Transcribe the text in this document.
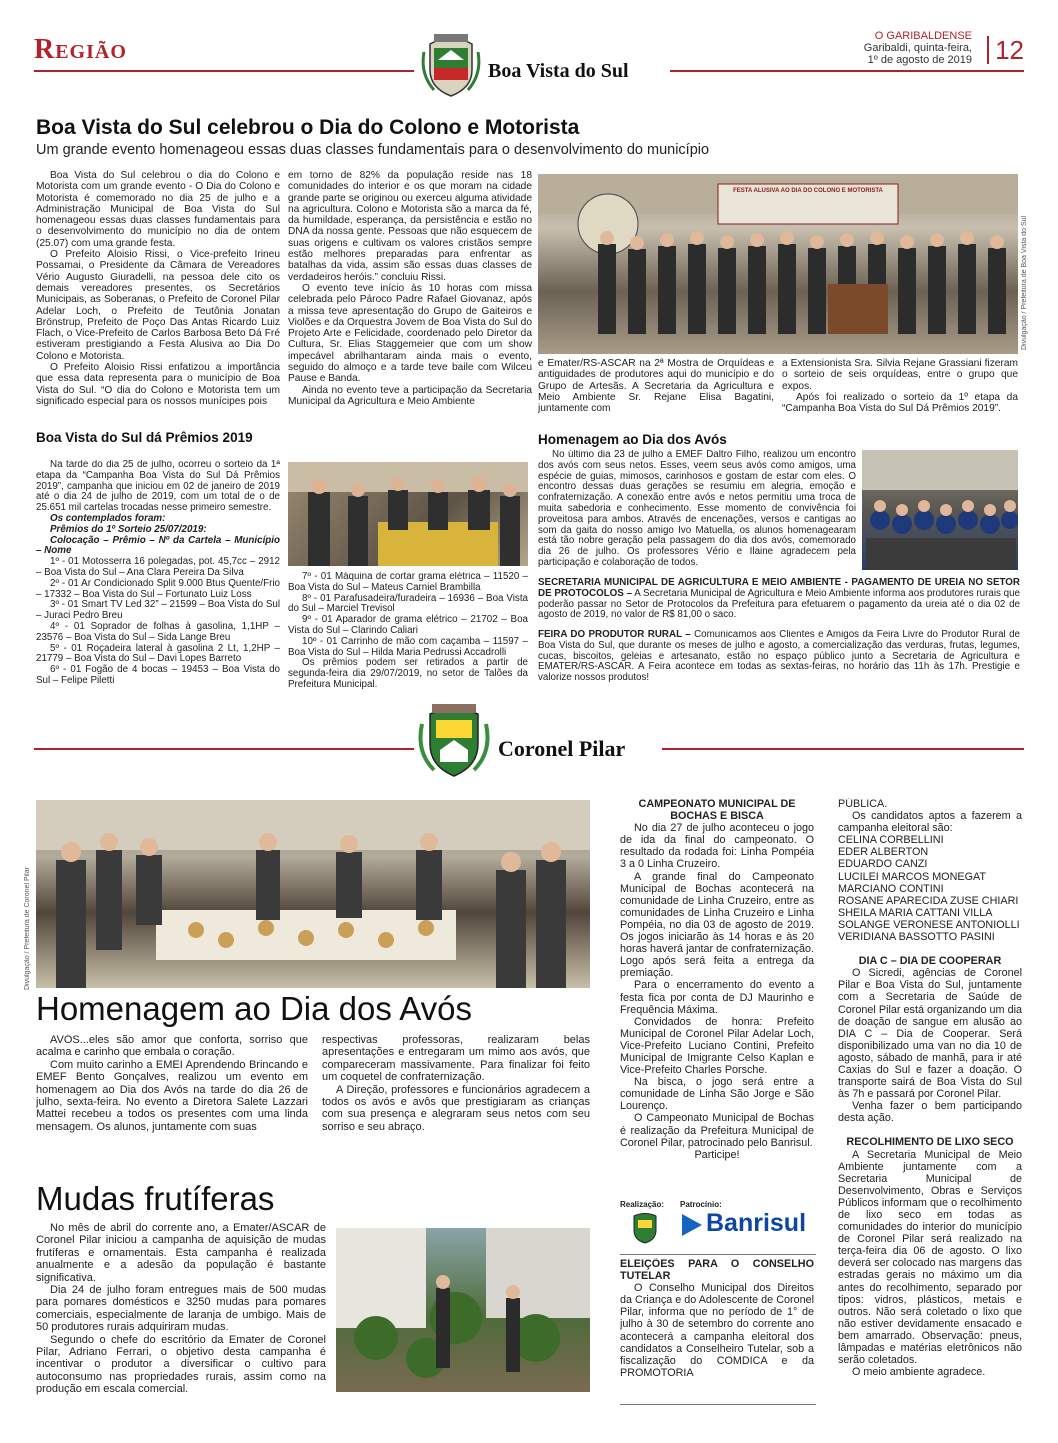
Região
Boa Vista do Sul
O GARIBALDENSE
Garibaldi, quinta-feira,
1º de agosto de 2019 12
Boa Vista do Sul celebrou o Dia do Colono e Motorista
Um grande evento homenageou essas duas classes fundamentais para o desenvolvimento do município

Boa Vista do Sul celebrou o dia do Colono e Motorista com um grande evento - O Dia do Colono e Motorista é comemorado no dia 25 de julho e a Administração Municipal de Boa Vista do Sul homenageou essas duas classes fundamentais para o desenvolvimento do município no dia de ontem (25.07) com uma grande festa.

O Prefeito Aloisio Rissi, o Vice-prefeito Irineu Possamai, o Presidente da Câmara de Vereadores Vério Augusto Giuradelli, na pessoa dele cito os demais vereadores presentes, os Secretários Municipais, as Soberanas, o Prefeito de Coronel Pilar Adelar Loch, o Prefeito de Teutônia Jonatan Brönstrup, Prefeito de Poço Das Antas Ricardo Luiz Flach, o Vice-Prefeito de Carlos Barbosa Beto Dá Fré estiveram prestigiando a Festa Alusiva ao Dia Do Colono e Motorista.

O Prefeito Aloisio Rissi enfatizou a importância que essa data representa para o município de Boa Vista do Sul. “O dia do Colono e Motorista tem um significado especial para os nossos munícipes pois

em torno de 82% da população reside nas 18 comunidades do interior e os que moram na cidade grande parte se originou ou exerceu alguma atividade na agricultura. Colono e Motorista são a marca da fé, da humildade, esperança, da persistência e estão no DNA da nossa gente. Pessoas que não esquecem de suas origens e cultivam os valores cristãos sempre estão melhores preparadas para enfrentar as batalhas da vida, assim são essas duas classes de verdadeiros heróis.” concluiu Rissi.

O evento teve início às 10 horas com missa celebrada pelo Pároco Padre Rafael Giovanaz, após a missa teve apresentação do Grupo de Gaiteiros e Violões e da Orquestra Jovem de Boa Vista do Sul do Projeto Arte e Felicidade, coordenado pelo Diretor da Cultura, Sr. Elias Staggemeier que com um show impecável abrilhantaram ainda mais o evento, seguido do almoço e a tarde teve baile com Wilceu Pause e Banda.

Ainda no evento teve a participação da Secretaria Municipal da Agricultura e Meio Ambiente

FESTA ALUSIVA AO DIA DO COLONO E MOTORISTA
Divulgação / Prefeitura de Boa Vista do Sul

e Emater/RS-ASCAR na 2ª Mostra de Orquídeas e antiguidades de produtores aqui do município e do Grupo de Artesãs. A Secretaria da Agricultura e Meio Ambiente Sr. Rejane Elisa Bagatini, juntamente com

a Extensionista Sra. Silvia Rejane Grassiani fizeram o sorteio de seis orquídeas, entre o grupo que expos.

Após foi realizado o sorteio da 1º etapa da “Campanha Boa Vista do Sul Dá Prêmios 2019”.

Boa Vista do Sul dá Prêmios 2019

Na tarde do dia 25 de julho, ocorreu o sorteio da 1ª etapa da “Campanha Boa Vista do Sul Dá Prêmios 2019”, campanha que iniciou em 02 de janeiro de 2019 até o dia 24 de julho de 2019, com um total de o de 25.651 mil cartelas trocadas nesse primeiro semestre.

Os contemplados foram:

Prêmios do 1º Sorteio 25/07/2019:

Colocação – Prêmio – Nº da Cartela – Município – Nome

1º - 01 Motosserra 16 polegadas, pot. 45,7cc – 2912 – Boa Vista do Sul – Ana Clara Pereira Da Silva

2º - 01 Ar Condicionado Split 9.000 Btus Quente/Frio – 17332 – Boa Vista do Sul – Fortunato Luiz Loss

3º - 01 Smart TV Led 32” – 21599 – Boa Vista do Sul – Juraci Pedro Breu

4º - 01 Soprador de folhas à gasolina, 1,1HP – 23576 – Boa Vista do Sul – Sida Lange Breu

5º - 01 Roçadeira lateral à gasolina 2 Lt, 1,2HP – 21779 – Boa Vista do Sul – Davi Lopes Barreto

6º - 01 Fogão de 4 bocas – 19453 – Boa Vista do Sul – Felipe Piletti

7º - 01 Máquina de cortar grama elétrica – 11520 – Boa Vista do Sul – Mateus Carniel Brambilla

8º - 01 Parafusadeira/furadeira – 16936 – Boa Vista do Sul – Marciel Trevisol

9º - 01 Aparador de grama elétrico – 21702 – Boa Vista do Sul – Clarindo Caliari

10º - 01 Carrinho de mão com caçamba – 11597 – Boa Vista do Sul – Hilda Maria Pedrussi Accadrolli

Os prêmios podem ser retirados a partir de segunda-feira dia 29/07/2019, no setor de Talões da Prefeitura Municipal.

Homenagem ao Dia dos Avós

No último dia 23 de julho a EMEF Daltro Filho, realizou um encontro dos avós com seus netos. Esses, veem seus avós como amigos, uma espécie de guias, mimosos, carinhosos e gostam de estar com eles. O encontro dessas duas gerações se resumiu em alegria, emoção e confraternização. A conexão entre avós e netos permitiu uma troca de muita sabedoria e conhecimento. Esse momento de convivência foi proveitosa para ambos. Através de encenações, versos e cantigas ao som da gaita do nosso amigo Ivo Matuella, os alunos homenagearam está tão nobre geração pela passagem do dia dos avós, comemorado dia 26 de julho. Os professores Vério e Ilaine agradecem pela participação e colaboração de todos.

SECRETARIA MUNICIPAL DE AGRICULTURA E MEIO AMBIENTE - PAGAMENTO DE UREIA NO SETOR DE PROTOCOLOS – A Secretaria Municipal de Agricultura e Meio Ambiente informa aos produtores rurais que poderão passar no Setor de Protocolos da Prefeitura para efetuarem o pagamento da ureia até o dia 02 de agosto de 2019, no valor de R$ 81,00 o saco.

FEIRA DO PRODUTOR RURAL – Comunicamos aos Clientes e Amigos da Feira Livre do Produtor Rural de Boa Vista do Sul, que durante os meses de julho e agosto, a comercialização das verduras, frutas, legumes, cucas, biscoitos, geleias e artesanato, estão no espaço público junto a Secretaria de Agricultura e EMATER/RS-ASCAR. A Feira acontece em todas as sextas-feiras, no horário das 11h às 17h. Prestigie e valorize nossos produtos!

Coronel Pilar
Divulgação / Prefeitura de Coronel Pilar
Homenagem ao Dia dos Avós

AVÓS...eles são amor que conforta, sorriso que acalma e carinho que embala o coração.

Com muito carinho a EMEI Aprendendo Brincando e EMEF Bento Gonçalves, realizou um evento em homenagem ao Dia dos Avós na tarde do dia 26 de julho, sexta-feira. No evento a Diretora Salete Lazzari Mattei recebeu a todos os presentes com uma linda mensagem. Os alunos, juntamente com suas

respectivas professoras, realizaram belas apresentações e entregaram um mimo aos avós, que compareceram massivamente. Para finalizar foi feito um coquetel de confraternização.

A Direção, professores e funcionários agradecem a todos os avós e avôs que prestigiaram as crianças com sua presença e alegraram seus netos com seu sorriso e seu abraço.

Mudas frutíferas

No mês de abril do corrente ano, a Emater/ASCAR de Coronel Pilar iniciou a campanha de aquisição de mudas frutíferas e ornamentais. Esta campanha é realizada anualmente e a adesão da população é bastante significativa.

Dia 24 de julho foram entregues mais de 500 mudas para pomares domésticos e 3250 mudas para pomares comerciais, especialmente de laranja de umbigo. Mais de 50 produtores rurais adquiriram mudas.

Segundo o chefe do escritório da Emater de Coronel Pilar, Adriano Ferrari, o objetivo desta campanha é incentivar o produtor a diversificar o cultivo para autoconsumo nas propriedades rurais, assim como na produção em escala comercial.

CAMPEONATO MUNICIPAL DE BOCHAS E BISCA

No dia 27 de julho aconteceu o jogo de ida da final do campeonato. O resultado da rodada foi: Linha Pompéia 3 a 0 Linha Cruzeiro.

A grande final do Campeonato Municipal de Bochas acontecerá na comunidade de Linha Cruzeiro, entre as comunidades de Linha Cruzeiro e Linha Pompéia, no dia 03 de agosto de 2019. Os jogos iniciarão às 14 horas e às 20 horas haverá jantar de confraternização. Logo após será feita a entrega da premiação.

Para o encerramento do evento a festa fica por conta de DJ Maurinho e Frequência Máxima.

Convidados de honra: Prefeito Municipal de Coronel Pilar Adelar Loch, Vice-Prefeito Luciano Contini, Prefeito Municipal de Imigrante Celso Kaplan e Vice-Prefeito Charles Porsche.

Na bisca, o jogo será entre a comunidade de Linha São Jorge e São Lourenço.

O Campeonato Municipal de Bochas é realização da Prefeitura Municipal de Coronel Pilar, patrocinado pelo Banrisul.

Participe!

Realização: Patrocínio:
Banrisul

ELEIÇÕES PARA O CONSELHO TUTELAR

O Conselho Municipal dos Direitos da Criança e do Adolescente de Coronel Pilar, informa que no período de 1° de julho à 30 de setembro do corrente ano acontecerá a campanha eleitoral dos candidatos a Conselheiro Tutelar, sob a fiscalização do COMDICA e da PROMOTORIA

PÚBLICA.

Os candidatos aptos a fazerem a campanha eleitoral são:

CELINA CORBELLINI

EDER ALBERTON

EDUARDO CANZI

LUCILEI MARCOS MONEGAT

MARCIANO CONTINI

ROSANE APARECIDA ZUSE CHIARI

SHEILA MARIA CATTANI VILLA

SOLANGE VERONESE ANTONIOLLI

VERIDIANA BASSOTTO PASINI

DIA C – DIA DE COOPERAR

O Sicredi, agências de Coronel Pilar e Boa Vista do Sul, juntamente com a Secretaria de Saúde de Coronel Pilar está organizando um dia de doação de sangue em alusão ao DIA C – Dia de Cooperar. Será disponibilizado uma van no dia 10 de agosto, sábado de manhã, para ir até Caxias do Sul e fazer a doação. O transporte sairá de Boa Vista do Sul às 7h e passará por Coronel Pilar.

Venha fazer o bem participando desta ação.

RECOLHIMENTO DE LIXO SECO

A Secretaria Municipal de Meio Ambiente juntamente com a Secretaria Municipal de Desenvolvimento, Obras e Serviços Públicos informam que o recolhimento de lixo seco em todas as comunidades do interior do município de Coronel Pilar será realizado na terça-feira dia 06 de agosto. O lixo deverá ser colocado nas margens das estradas gerais no máximo um dia antes do recolhimento, separado por tipos: vidros, plásticos, metais e outros. Não será coletado o lixo que não estiver devidamente ensacado e bem amarrado. Observação: pneus, lâmpadas e matérias eletrônicos não serão coletados.

O meio ambiente agradece.
